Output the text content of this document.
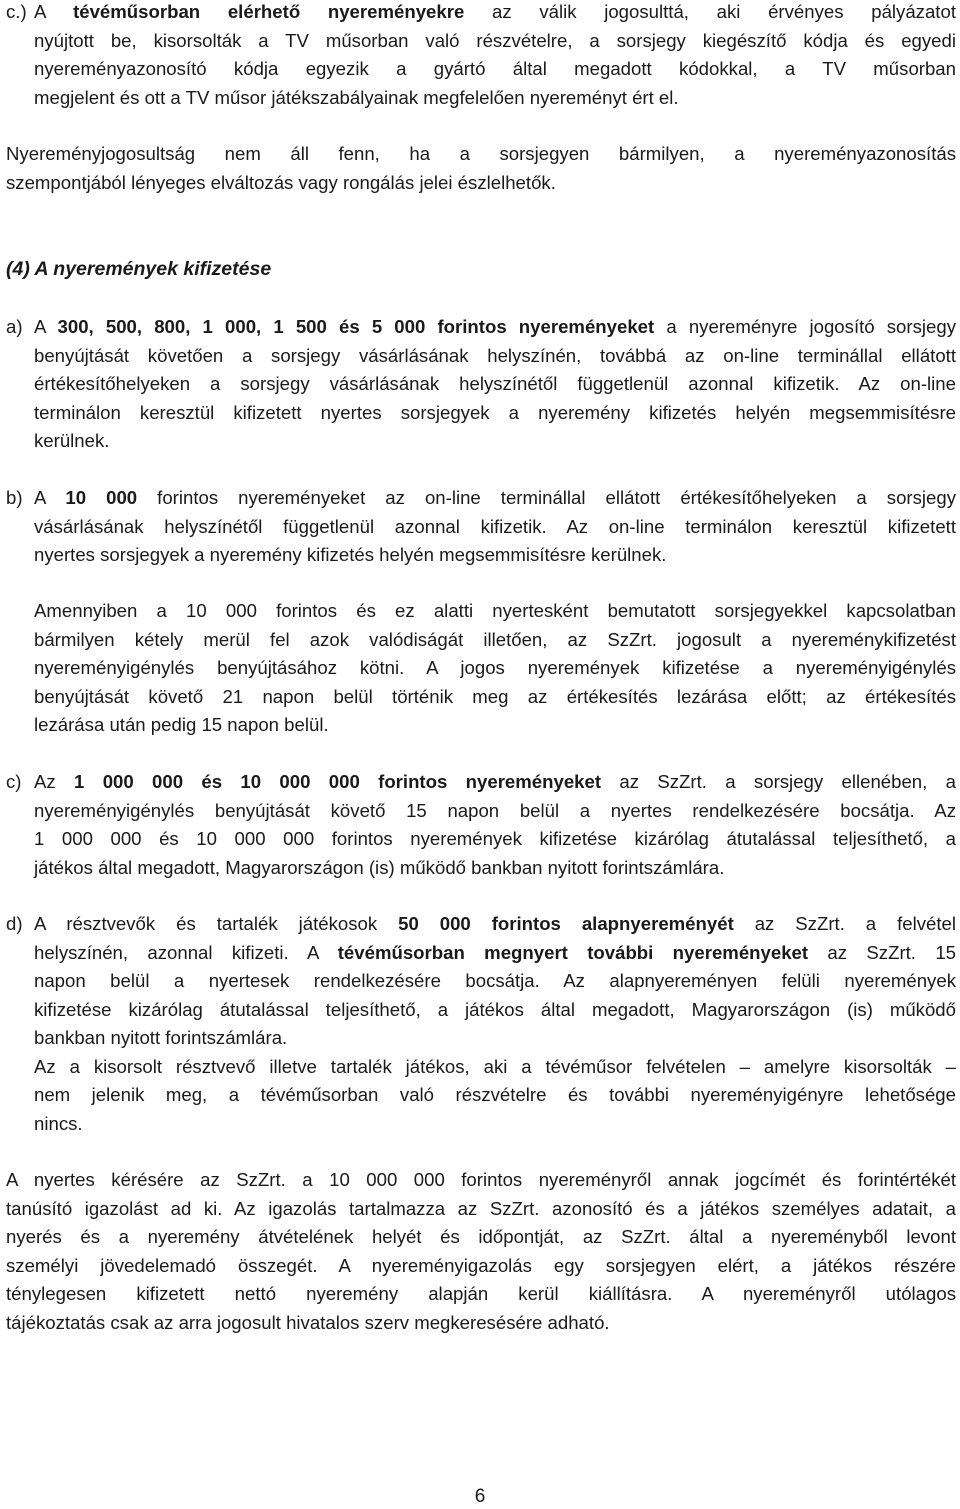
c.) A tévéműsorban elérhető nyereményekre az válik jogosulttá, aki érvényes pályázatot
nyújtott be, kisorsolták a TV műsorban való részvételre, a sorsjegy kiegészítő kódja és egyedi
nyereményazonosító kódja egyezik a gyártó által megadott kódokkal, a TV műsorban
megjelent és ott a TV műsor játékszabályainak megfelelően nyereményt ért el.

Nyereményjogosultság nem áll fenn, ha a sorsjegyen bármilyen, a nyereményazonosítás
szempontjából lényeges elváltozás vagy rongálás jelei észlelhetők.

(4) A nyeremények kifizetése
a) A 300, 500, 800, 1 000, 1 500 és 5 000 forintos nyereményeket a nyereményre jogosító sorsjegy
benyújtását követően a sorsjegy vásárlásának helyszínén, továbbá az on-line terminállal ellátott
értékesítőhelyeken a sorsjegy vásárlásának helyszínétől függetlenül azonnal kifizetik. Az on-line
terminálon keresztül kifizetett nyertes sorsjegyek a nyeremény kifizetés helyén megsemmisítésre
kerülnek.

b) A 10 000 forintos nyereményeket az on-line terminállal ellátott értékesítőhelyeken a sorsjegy
vásárlásának helyszínétől függetlenül azonnal kifizetik. Az on-line terminálon keresztül kifizetett
nyertes sorsjegyek a nyeremény kifizetés helyén megsemmisítésre kerülnek.

Amennyiben a 10 000 forintos és ez alatti nyertesként bemutatott sorsjegyekkel kapcsolatban
bármilyen kétely merül fel azok valódiságát illetően, az SzZrt. jogosult a nyereménykifizetést
nyereményigénylés benyújtásához kötni. A jogos nyeremények kifizetése a nyereményigénylés
benyújtását követő 21 napon belül történik meg az értékesítés lezárása előtt; az értékesítés
lezárása után pedig 15 napon belül.

c) Az 1 000 000 és 10 000 000 forintos nyereményeket az SzZrt. a sorsjegy ellenében, a
nyereményigénylés benyújtását követő 15 napon belül a nyertes rendelkezésére bocsátja. Az
1 000 000 és 10 000 000 forintos nyeremények kifizetése kizárólag átutalással teljesíthető, a
játékos által megadott, Magyarországon (is) működő bankban nyitott forintszámlára.

d) A résztvevők és tartalék játékosok 50 000 forintos alapnyereményét az SzZrt. a felvétel
helyszínén, azonnal kifizeti. A tévéműsorban megnyert további nyereményeket az SzZrt. 15
napon belül a nyertesek rendelkezésére bocsátja. Az alapnyereményen felüli nyeremények
kifizetése kizárólag átutalással teljesíthető, a játékos által megadott, Magyarországon (is) működő
bankban nyitott forintszámlára.
Az a kisorsolt résztvevő illetve tartalék játékos, aki a tévéműsor felvételen – amelyre kisorsolták –
nem jelenik meg, a tévéműsorban való részvételre és további nyereményigényre lehetősége
nincs.

A nyertes kérésére az SzZrt. a 10 000 000 forintos nyereményről annak jogcímét és forintértékét
tanúsító igazolást ad ki. Az igazolás tartalmazza az SzZrt. azonosító és a játékos személyes adatait, a
nyerés és a nyeremény átvételének helyét és időpontját, az SzZrt. által a nyereményből levont
személyi jövedelemadó összegét. A nyereményigazolás egy sorsjegyen elért, a játékos részére
ténylegesen kifizetett nettó nyeremény alapján kerül kiállításra. A nyereményről utólagos
tájékoztatás csak az arra jogosult hivatalos szerv megkeresésére adható.

6
